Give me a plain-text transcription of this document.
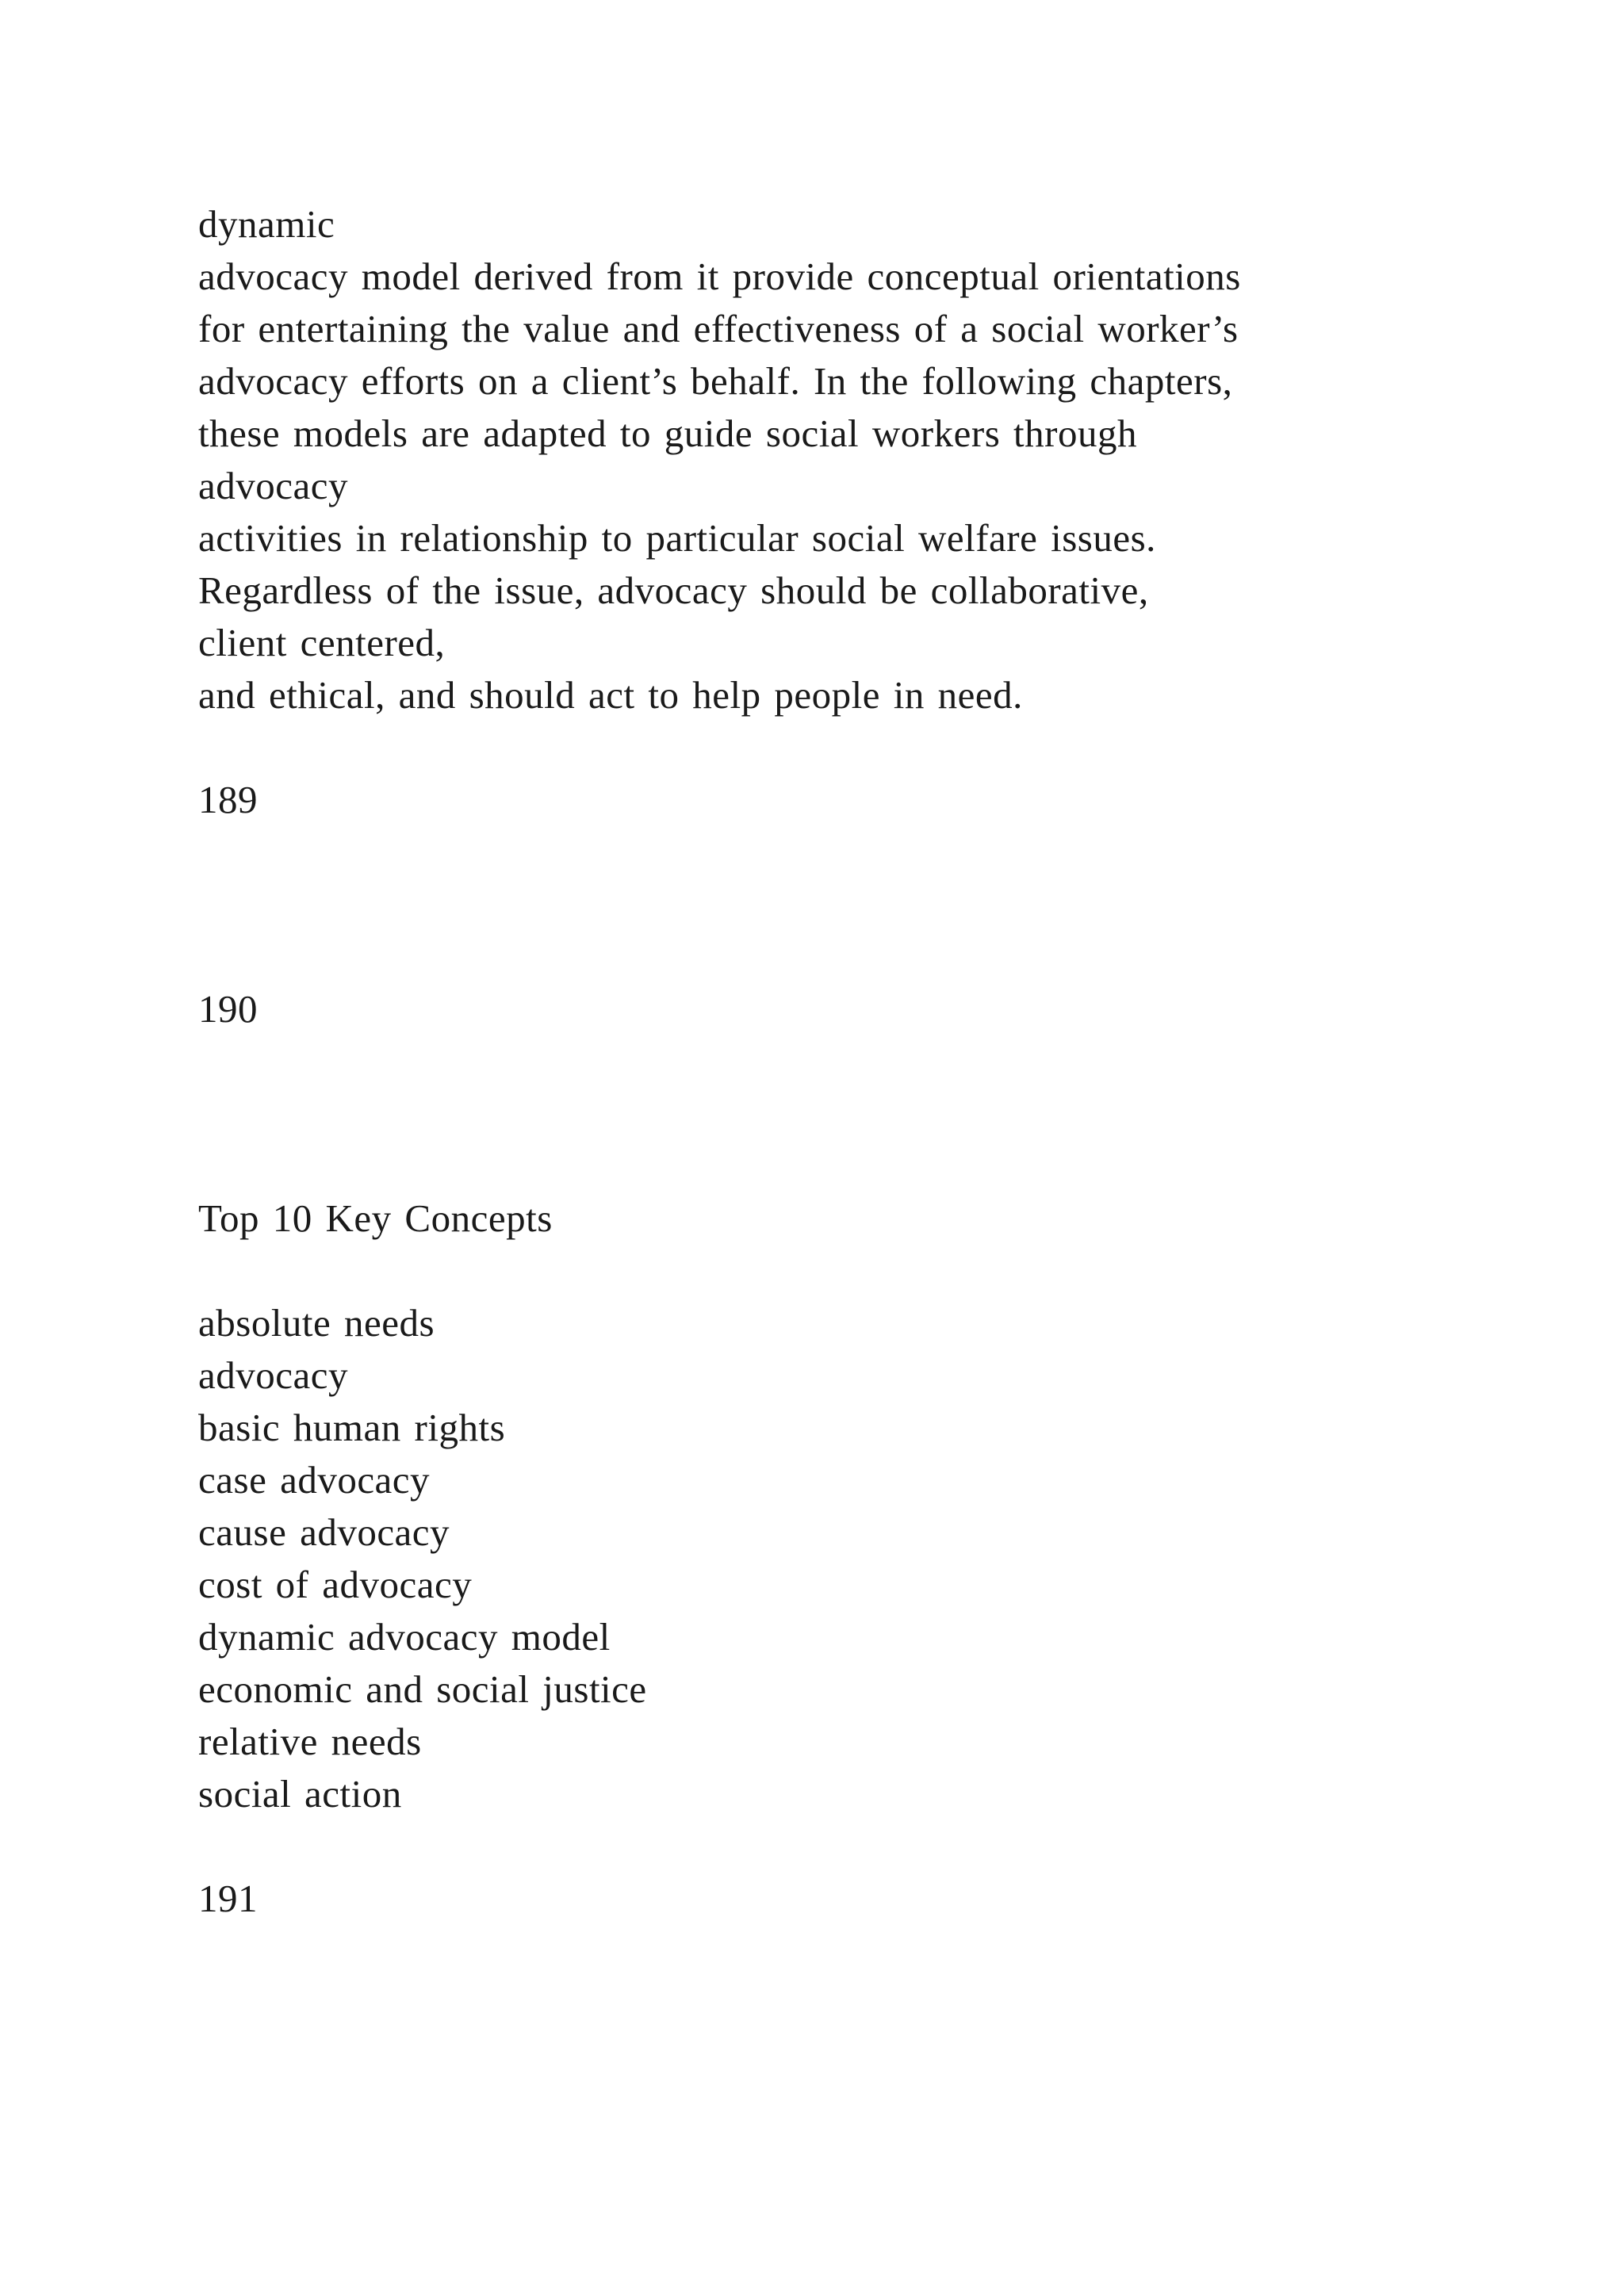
dynamic
advocacy model derived from it provide conceptual orientations
for entertaining the value and effectiveness of a social worker’s
advocacy efforts on a client’s behalf. In the following chapters,
these models are adapted to guide social workers through
advocacy
activities in relationship to particular social welfare issues.
Regardless of the issue, advocacy should be collaborative,
client centered,
and ethical, and should act to help people in need.
189
190
Top 10 Key Concepts
absolute needs
advocacy
basic human rights
case advocacy
cause advocacy
cost of advocacy
dynamic advocacy model
economic and social justice
relative needs
social action
191
